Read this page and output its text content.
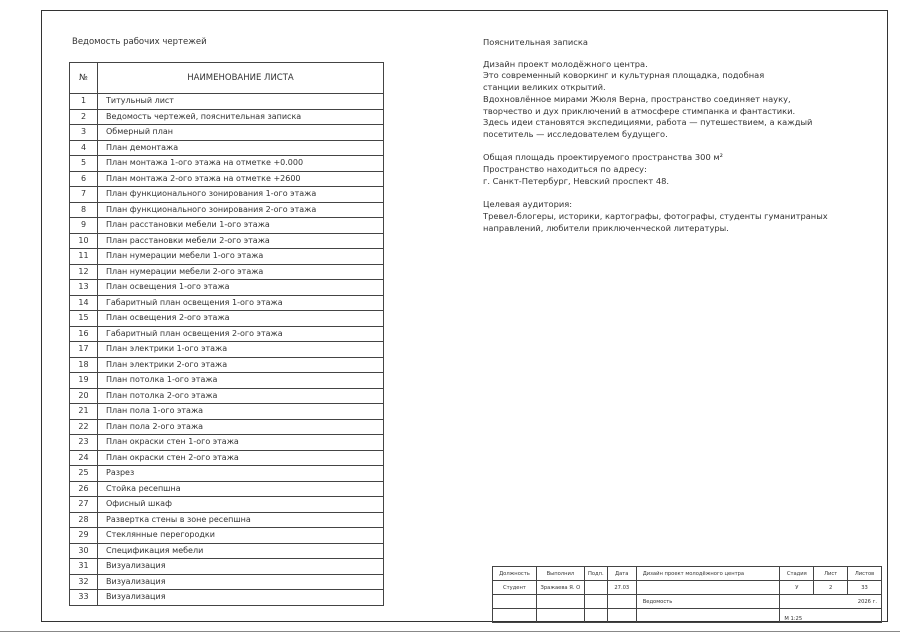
Ведомость рабочих чертежей
№	НАИМЕНОВАНИЕ ЛИСТА
1	Титульный лист
2	Ведомость чертежей, пояснительная записка
3	Обмерный план
4	План демонтажа
5	План монтажа 1-ого этажа на отметке +0.000
6	План монтажа 2-ого этажа на отметке +2600
7	План функционального зонирования 1-ого этажа
8	План функционального зонирования 2-ого этажа
9	План расстановки мебели 1-ого этажа
10	План расстановки мебели 2-ого этажа
11	План нумерации мебели 1-ого этажа
12	План нумерации мебели 2-ого этажа
13	План освещения 1-ого этажа
14	Габаритный план освещения 1-ого этажа
15	План освещения 2-ого этажа
16	Габаритный план освещения 2-ого этажа
17	План электрики 1-ого этажа
18	План электрики 2-ого этажа
19	План потолка 1-ого этажа
20	План потолка 2-ого этажа
21	План пола 1-ого этажа
22	План пола 2-ого этажа
23	План окраски стен 1-ого этажа
24	План окраски стен 2-ого этажа
25	Разрез
26	Стойка ресепшна
27	Офисный шкаф
28	Развертка стены в зоне ресепшна
29	Стеклянные перегородки
30	Спецификация мебели
31	Визуализация
32	Визуализация
33	Визуализация
Пояснительная записка
Дизайн проект молодёжного центра.
Это современный коворкинг и культурная площадка, подобная
станции великих открытий.
Вдохновлённое мирами Жюля Верна, пространство соединяет науку,
творчество и дух приключений в атмосфере стимпанка и фантастики.
Здесь идеи становятся экспедициями, работа — путешествием, а каждый
посетитель — исследователем будущего.
Общая площадь проектируемого пространства 300 м²
Пространство находиться по адресу:
г. Санкт-Петербург, Невский проспект 48.
Целевая аудитория:
Тревел-блогеры, историки, картографы, фотографы, студенты гуманитраных
направлений, любители приключенческой литературы.
Должность	Выполнил	Подп.	Дата	Дизайн проект молодёжного центра	Стадия	Лист	Листов
Студент	Зражаева Я. О		27.03		У	2	33
				Ведомость	2026 г.		
					М 1:25		
